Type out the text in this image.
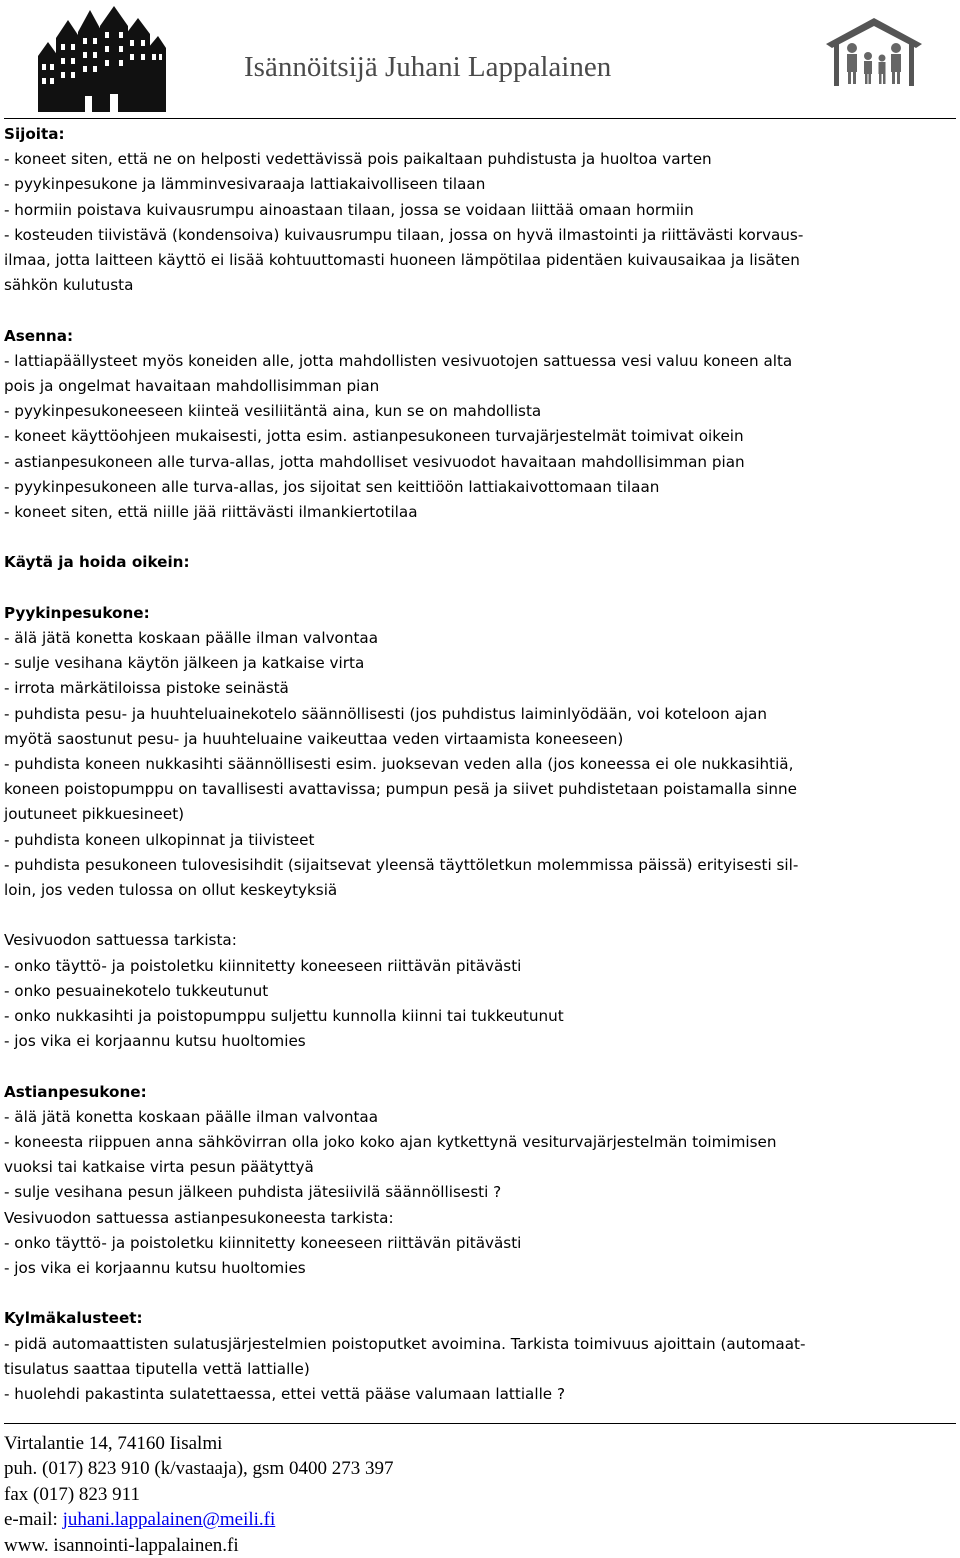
Isännöitsijä Juhani Lappalainen

Sijoita:

- koneet siten, että ne on helposti vedettävissä pois paikaltaan puhdistusta ja huoltoa varten

- pyykinpesukone ja lämminvesivaraaja lattiakaivolliseen tilaan

- hormiin poistava kuivausrumpu ainoastaan tilaan, jossa se voidaan liittää omaan hormiin

- kosteuden tiivistävä (kondensoiva) kuivausrumpu tilaan, jossa on hyvä ilmastointi ja riittävästi korvaus-

ilmaa, jotta laitteen käyttö ei lisää kohtuuttomasti huoneen lämpötilaa pidentäen kuivausaikaa ja lisäten

sähkön kulutusta

Asenna:

- lattiapäällysteet myös koneiden alle, jotta mahdollisten vesivuotojen sattuessa vesi valuu koneen alta

pois ja ongelmat havaitaan mahdollisimman pian

- pyykinpesukoneeseen kiinteä vesiliitäntä aina, kun se on mahdollista

- koneet käyttöohjeen mukaisesti, jotta esim. astianpesukoneen turvajärjestelmät toimivat oikein

- astianpesukoneen alle turva-allas, jotta mahdolliset vesivuodot havaitaan mahdollisimman pian

- pyykinpesukoneen alle turva-allas, jos sijoitat sen keittiöön lattiakaivottomaan tilaan

- koneet siten, että niille jää riittävästi ilmankiertotilaa

Käytä ja hoida oikein:

Pyykinpesukone:

- älä jätä konetta koskaan päälle ilman valvontaa

- sulje vesihana käytön jälkeen ja katkaise virta

- irrota märkätiloissa pistoke seinästä

- puhdista pesu- ja huuhteluainekotelo säännöllisesti (jos puhdistus laiminlyödään, voi koteloon ajan

myötä saostunut pesu- ja huuhteluaine vaikeuttaa veden virtaamista koneeseen)

- puhdista koneen nukkasihti säännöllisesti esim. juoksevan veden alla (jos koneessa ei ole nukkasihtiä,

koneen poistopumppu on tavallisesti avattavissa; pumpun pesä ja siivet puhdistetaan poistamalla sinne

joutuneet pikkuesineet)

- puhdista koneen ulkopinnat ja tiivisteet

- puhdista pesukoneen tulovesisihdit (sijaitsevat yleensä täyttöletkun molemmissa päissä) erityisesti sil-

loin, jos veden tulossa on ollut keskeytyksiä

Vesivuodon sattuessa tarkista:

- onko täyttö- ja poistoletku kiinnitetty koneeseen riittävän pitävästi

- onko pesuainekotelo tukkeutunut

- onko nukkasihti ja poistopumppu suljettu kunnolla kiinni tai tukkeutunut

- jos vika ei korjaannu kutsu huoltomies

Astianpesukone:

- älä jätä konetta koskaan päälle ilman valvontaa

- koneesta riippuen anna sähkövirran olla joko koko ajan kytkettynä vesiturvajärjestelmän toimimisen

vuoksi tai katkaise virta pesun päätyttyä

- sulje vesihana pesun jälkeen puhdista jätesiivilä säännöllisesti ?

Vesivuodon sattuessa astianpesukoneesta tarkista:

- onko täyttö- ja poistoletku kiinnitetty koneeseen riittävän pitävästi

- jos vika ei korjaannu kutsu huoltomies

Kylmäkalusteet:

- pidä automaattisten sulatusjärjestelmien poistoputket avoimina. Tarkista toimivuus ajoittain (automaat-

tisulatus saattaa tiputella vettä lattialle)

- huolehdi pakastinta sulatettaessa, ettei vettä pääse valumaan lattialle ?

Virtalantie 14, 74160 Iisalmi

puh. (017) 823 910 (k/vastaaja), gsm 0400 273 397

fax (017) 823 911

e-mail: juhani.lappalainen@meili.fi

www. isannointi-lappalainen.fi
